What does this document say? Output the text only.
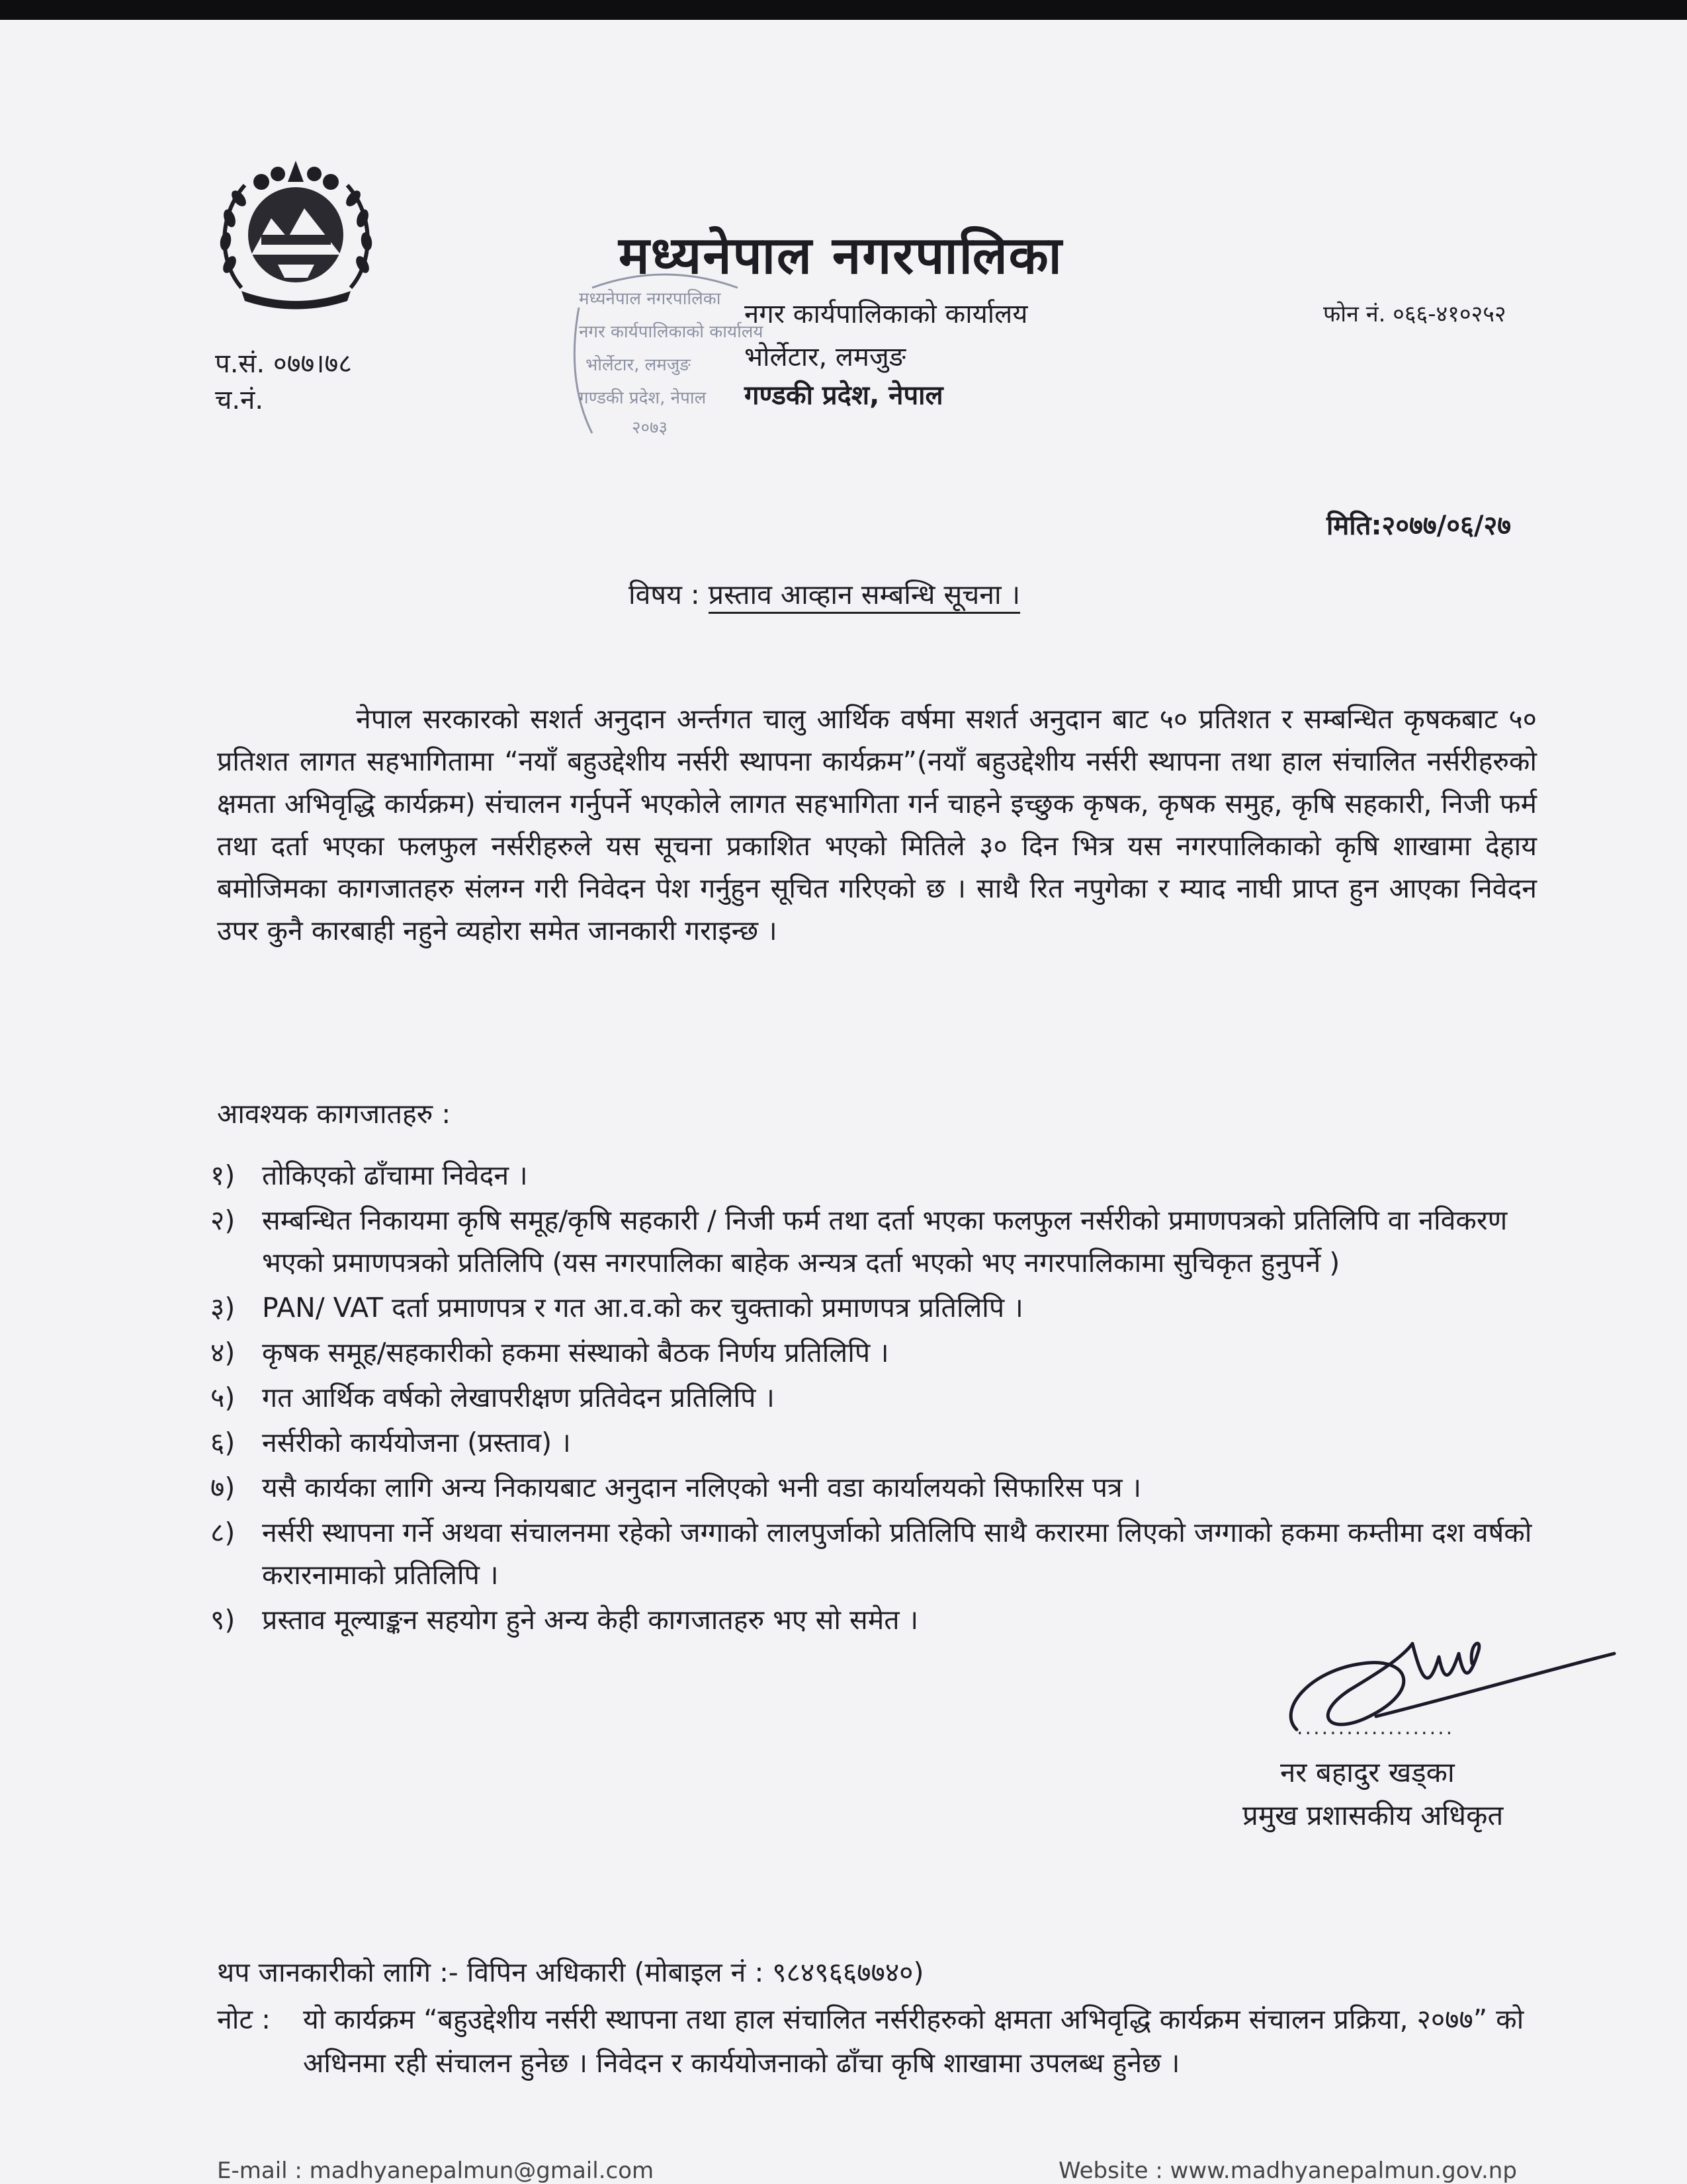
मध्यनेपाल नगरपालिका
मध्यनेपाल नगरपालिका
नगर कार्यपालिकाको कार्यालय
भोर्लेटार, लमजुङ
गण्डकी प्रदेश, नेपाल
२०७३
नगर कार्यपालिकाको कार्यालय
भोर्लेटार, लमजुङ
गण्डकी प्रदेश, नेपाल
फोन नं. ०६६-४१०२५२
प.सं. ०७७।७८
च.नं.
मिति:२०७७/०६/२७
विषय : प्रस्ताव आव्हान सम्बन्धि सूचना ।
नेपाल सरकारको सशर्त अनुदान अर्न्तगत चालु आर्थिक वर्षमा सशर्त अनुदान बाट ५० प्रतिशत र सम्बन्धित कृषकबाट ५० प्रतिशत लागत सहभागितामा “नयाँ बहुउद्देशीय नर्सरी स्थापना कार्यक्रम”(नयाँ बहुउद्देशीय नर्सरी स्थापना तथा हाल संचालित नर्सरीहरुको क्षमता अभिवृद्धि कार्यक्रम) संचालन गर्नुपर्ने भएकोले लागत सहभागिता गर्न चाहने इच्छुक कृषक, कृषक समुह, कृषि सहकारी, निजी फर्म तथा दर्ता भएका फलफुल नर्सरीहरुले यस सूचना प्रकाशित भएको मितिले ३० दिन भित्र यस नगरपालिकाको कृषि शाखामा देहाय बमोजिमका कागजातहरु संलग्न गरी निवेदन पेश गर्नुहुन सूचित गरिएको छ । साथै रित नपुगेका र म्याद नाघी प्राप्त हुन आएका निवेदन उपर कुनै कारबाही नहुने व्यहोरा समेत जानकारी गराइन्छ ।
आवश्यक कागजातहरु :
१) तोकिएको ढाँचामा निवेदन ।
२) सम्बन्धित निकायमा कृषि समूह/कृषि सहकारी / निजी फर्म तथा दर्ता भएका फलफुल नर्सरीको प्रमाणपत्रको प्रतिलिपि वा नविकरण भएको प्रमाणपत्रको प्रतिलिपि (यस नगरपालिका बाहेक अन्यत्र दर्ता भएको भए नगरपालिकामा सुचिकृत हुनुपर्ने )
३) PAN/ VAT दर्ता प्रमाणपत्र र गत आ.व.को कर चुक्ताको प्रमाणपत्र प्रतिलिपि ।
४) कृषक समूह/सहकारीको हकमा संस्थाको बैठक निर्णय प्रतिलिपि ।
५) गत आर्थिक वर्षको लेखापरीक्षण प्रतिवेदन प्रतिलिपि ।
६) नर्सरीको कार्ययोजना (प्रस्ताव) ।
७) यसै कार्यका लागि अन्य निकायबाट अनुदान नलिएको भनी वडा कार्यालयको सिफारिस पत्र ।
८) नर्सरी स्थापना गर्ने अथवा संचालनमा रहेको जग्गाको लालपुर्जाको प्रतिलिपि साथै करारमा लिएको जग्गाको हकमा कम्तीमा दश वर्षको करारनामाको प्रतिलिपि ।
९) प्रस्ताव मूल्याङ्कन सहयोग हुने अन्य केही कागजातहरु भए सो समेत ।
...................
नर बहादुर खड्का
प्रमुख प्रशासकीय अधिकृत
थप जानकारीको लागि :- विपिन अधिकारी (मोबाइल नं : ९८४९६६७७४०)
नोट : यो कार्यक्रम “बहुउद्देशीय नर्सरी स्थापना तथा हाल संचालित नर्सरीहरुको क्षमता अभिवृद्धि कार्यक्रम संचालन प्रक्रिया, २०७७” को अधिनमा रही संचालन हुनेछ । निवेदन र कार्ययोजनाको ढाँचा कृषि शाखामा उपलब्ध हुनेछ ।
E-mail : madhyanepalmun@gmail.com	Website : www.madhyanepalmun.gov.np
